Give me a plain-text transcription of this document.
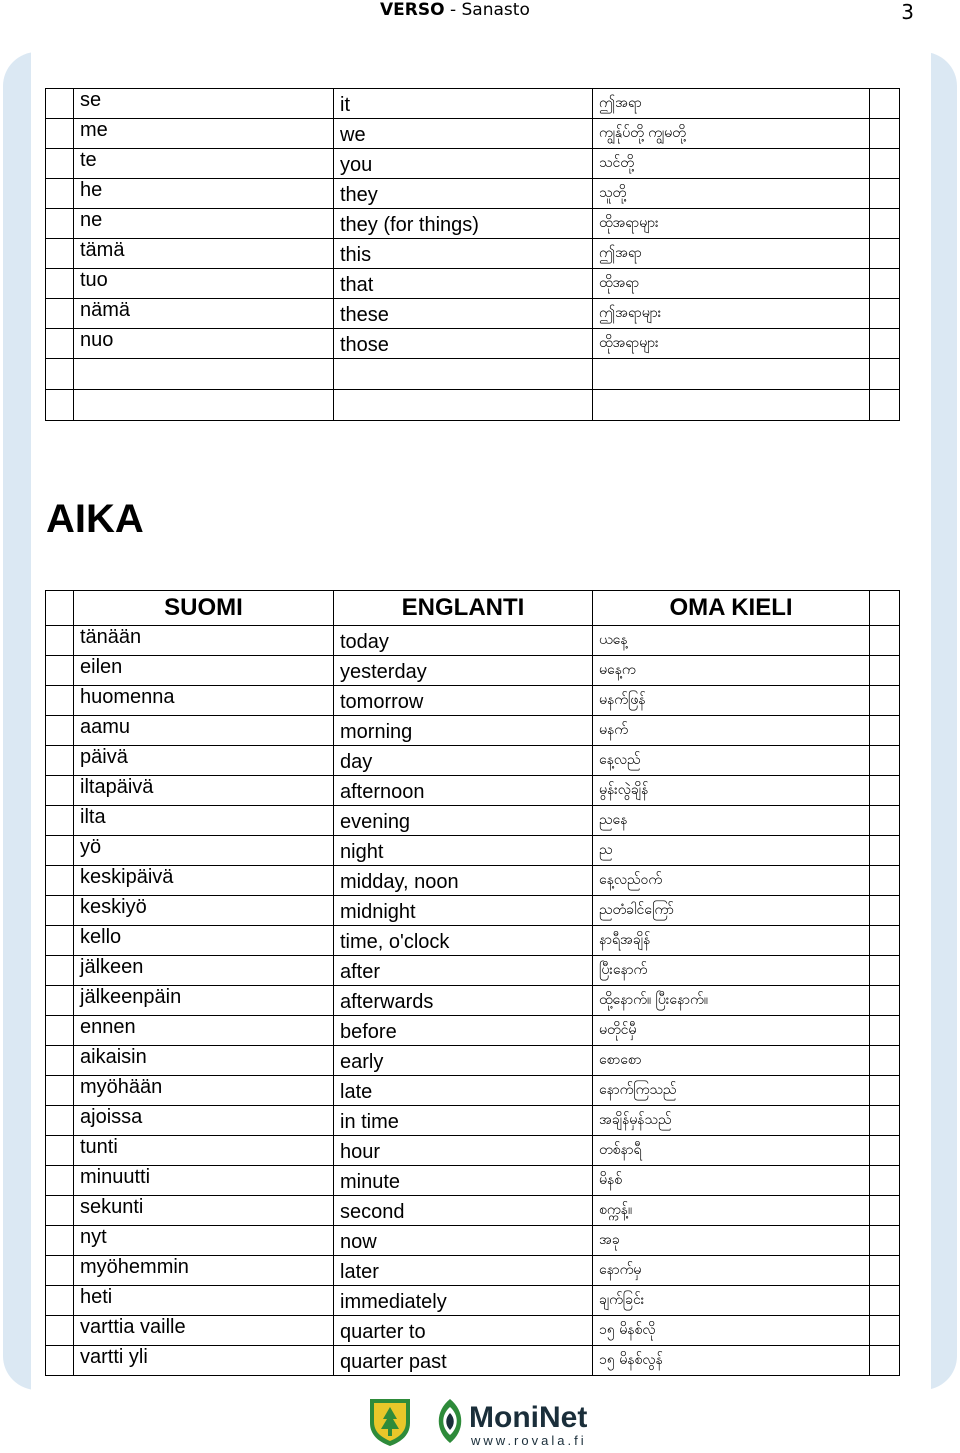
VERSO - Sanasto	3
	se	it	ဤအရာ	
	me	we	ကျွန်ုပ်တို့ ကျွမတို့	
	te	you	သင်တို့	
	he	they	သူတို့	
	ne	they (for things)	ထိုအရာများ	
	tämä	this	ဤအရာ	
	tuo	that	ထိုအရာ	
	nämä	these	ဤအရာများ	
	nuo	those	ထိုအရာများ	

AIKA
	SUOMI	ENGLANTI	OMA KIELI	
	tänään	today	ယနေ့	
	eilen	yesterday	မနေ့က	
	huomenna	tomorrow	မနက်ဖြန်	
	aamu	morning	မနက်	
	päivä	day	နေ့လည်	
	iltapäivä	afternoon	မွန်းလွဲချိန်	
	ilta	evening	ညနေ	
	yö	night	ည	
	keskipäivä	midday, noon	နေ့လည်ဝက်	
	keskiyö	midnight	ညတံခါင်ကြော်	
	kello	time, o'clock	နာရီအချိန်	
	jälkeen	after	ပြီးနောက်	
	jälkeenpäin	afterwards	ထို့နောက်။ ပြီးနောက်။	
	ennen	before	မတိုင်မှီ	
	aikaisin	early	စောစော	
	myöhään	late	နောက်ကြသည်	
	ajoissa	in time	အချိန်မှန်သည်	
	tunti	hour	တစ်နာရီ	
	minuutti	minute	မိနစ်	
	sekunti	second	စက္ကန့်။	
	nyt	now	အခု	
	myöhemmin	later	နောက်မှ	
	heti	immediately	ချက်ခြင်း	
	varttia vaille	quarter to	၁၅ မိနစ်လို	
	vartti yli	quarter past	၁၅ မိနစ်လွန်	
MoniNet
www.rovala.fi
